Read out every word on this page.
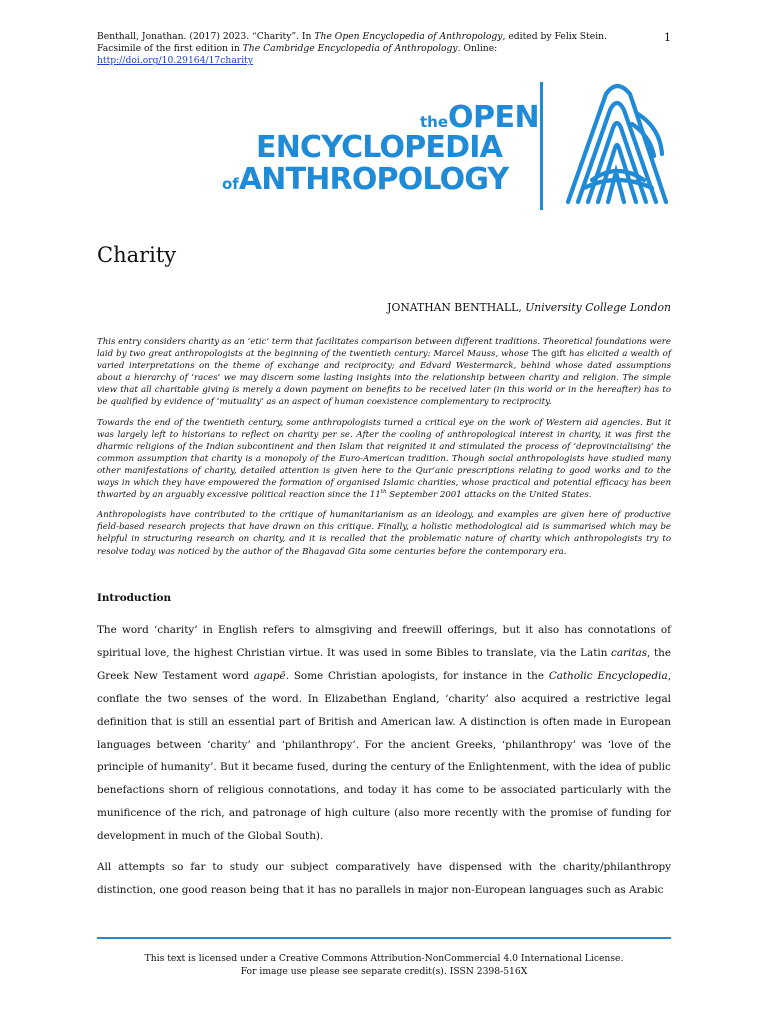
Benthall, Jonathan. (2017) 2023. “Charity”. In The Open Encyclopedia of Anthropology, edited by Felix Stein.
Facsimile of the first edition in The Cambridge Encyclopedia of Anthropology. Online:
http://doi.org/10.29164/17charity
1
theOPEN
ENCYCLOPEDIA
ofANTHROPOLOGY
Charity
JONATHAN BENTHALL, University College London

This entry considers charity as an ‘etic’ term that facilitates comparison between different traditions. Theoretical foundations were laid by two great anthropologists at the beginning of the twentieth century: Marcel Mauss, whose The gift has elicited a wealth of varied interpretations on the theme of exchange and reciprocity; and Edvard Westermarck, behind whose dated assumptions about a hierarchy of ‘races’ we may discern some lasting insights into the relationship between charity and religion. The simple view that all charitable giving is merely a down payment on benefits to be received later (in this world or in the hereafter) has to be qualified by evidence of ‘mutuality’ as an aspect of human coexistence complementary to reciprocity.

Towards the end of the twentieth century, some anthropologists turned a critical eye on the work of Western aid agencies. But it was largely left to historians to reflect on charity per se. After the cooling of anthropological interest in charity, it was first the dharmic religions of the Indian subcontinent and then Islam that reignited it and stimulated the process of ‘deprovincialising’ the common assumption that charity is a monopoly of the Euro-American tradition. Though social anthropologists have studied many other manifestations of charity, detailed attention is given here to the Qur’anic prescriptions relating to good works and to the ways in which they have empowered the formation of organised Islamic charities, whose practical and potential efficacy has been thwarted by an arguably excessive political reaction since the 11th September 2001 attacks on the United States.

Anthropologists have contributed to the critique of humanitarianism as an ideology, and examples are given here of productive field-based research projects that have drawn on this critique. Finally, a holistic methodological aid is summarised which may be helpful in structuring research on charity, and it is recalled that the problematic nature of charity which anthropologists try to resolve today was noticed by the author of the Bhagavad Gita some centuries before the contemporary era.

Introduction

The word ‘charity’ in English refers to almsgiving and freewill offerings, but it also has connotations of spiritual love, the highest Christian virtue. It was used in some Bibles to translate, via the Latin caritas, the Greek New Testament word agapē. Some Christian apologists, for instance in the Catholic Encyclopedia, conflate the two senses of the word. In Elizabethan England, ‘charity’ also acquired a restrictive legal definition that is still an essential part of British and American law. A distinction is often made in European languages between ‘charity’ and ‘philanthropy’. For the ancient Greeks, ‘philanthropy’ was ‘love of the principle of humanity’. But it became fused, during the century of the Enlightenment, with the idea of public benefactions shorn of religious connotations, and today it has come to be associated particularly with the munificence of the rich, and patronage of high culture (also more recently with the promise of funding for development in much of the Global South).

All attempts so far to study our subject comparatively have dispensed with the charity/philanthropy distinction, one good reason being that it has no parallels in major non-European languages such as Arabic

This text is licensed under a Creative Commons Attribution-NonCommercial 4.0 International License.
For image use please see separate credit(s). ISSN 2398-516X
